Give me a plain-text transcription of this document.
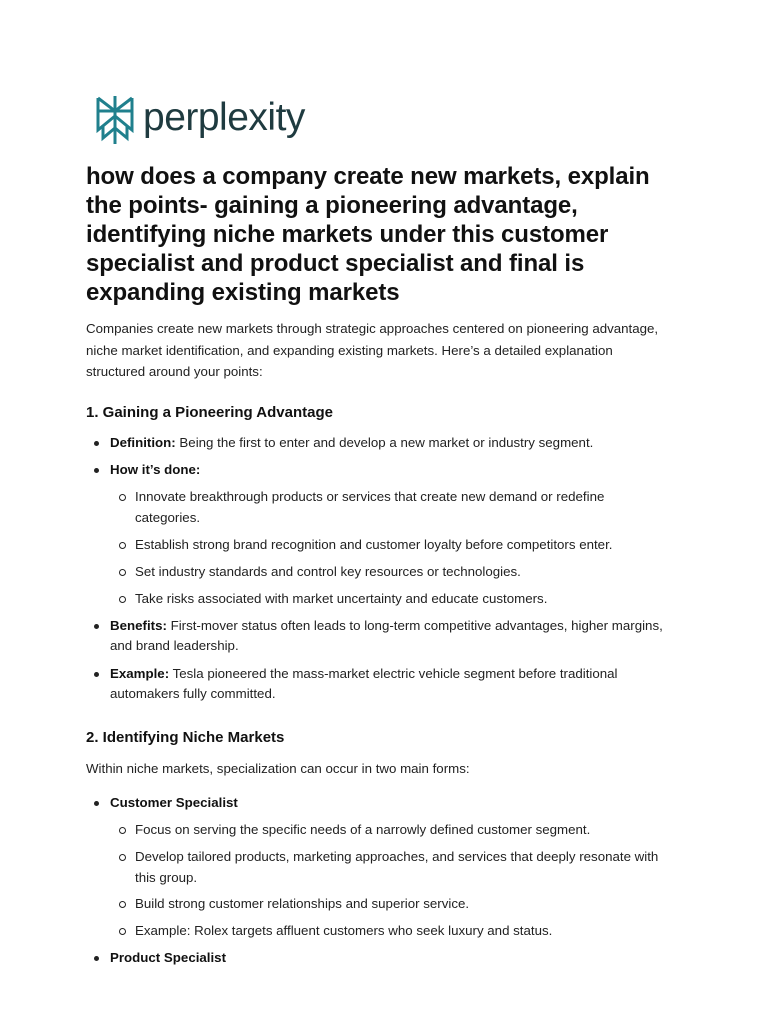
perplexity
how does a company create new markets, explain the points- gaining a pioneering advantage, identifying niche markets under this customer specialist and product specialist and final is expanding existing markets

Companies create new markets through strategic approaches centered on pioneering advantage, niche market identification, and expanding existing markets. Here’s a detailed explanation structured around your points:

1. Gaining a Pioneering Advantage
Definition: Being the first to enter and develop a new market or industry segment.
How it’s done:
Innovate breakthrough products or services that create new demand or redefine categories.
Establish strong brand recognition and customer loyalty before competitors enter.
Set industry standards and control key resources or technologies.
Take risks associated with market uncertainty and educate customers.
Benefits: First-mover status often leads to long-term competitive advantages, higher margins, and brand leadership.
Example: Tesla pioneered the mass-market electric vehicle segment before traditional automakers fully committed.
2. Identifying Niche Markets

Within niche markets, specialization can occur in two main forms:

Customer Specialist
Focus on serving the specific needs of a narrowly defined customer segment.
Develop tailored products, marketing approaches, and services that deeply resonate with this group.
Build strong customer relationships and superior service.
Example: Rolex targets affluent customers who seek luxury and status.
Product Specialist
